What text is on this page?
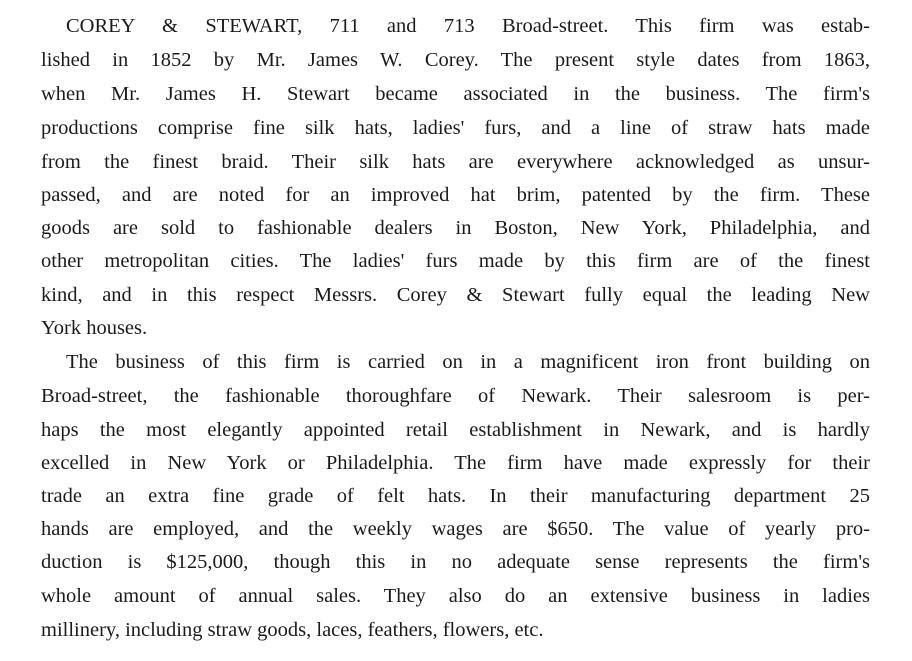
COREY & STEWART, 711 and 713 Broad-street. This firm was estab-
lished in 1852 by Mr. James W. Corey. The present style dates from 1863,
when Mr. James H. Stewart became associated in the business. The firm's
productions comprise fine silk hats, ladies' furs, and a line of straw hats made
from the finest braid. Their silk hats are everywhere acknowledged as unsur-
passed, and are noted for an improved hat brim, patented by the firm. These
goods are sold to fashionable dealers in Boston, New York, Philadelphia, and
other metropolitan cities. The ladies' furs made by this firm are of the finest
kind, and in this respect Messrs. Corey & Stewart fully equal the leading New
York houses.
The business of this firm is carried on in a magnificent iron front building on
Broad-street, the fashionable thoroughfare of Newark. Their salesroom is per-
haps the most elegantly appointed retail establishment in Newark, and is hardly
excelled in New York or Philadelphia. The firm have made expressly for their
trade an extra fine grade of felt hats. In their manufacturing department 25
hands are employed, and the weekly wages are $650. The value of yearly pro-
duction is $125,000, though this in no adequate sense represents the firm's
whole amount of annual sales. They also do an extensive business in ladies
millinery, including straw goods, laces, feathers, flowers, etc.
